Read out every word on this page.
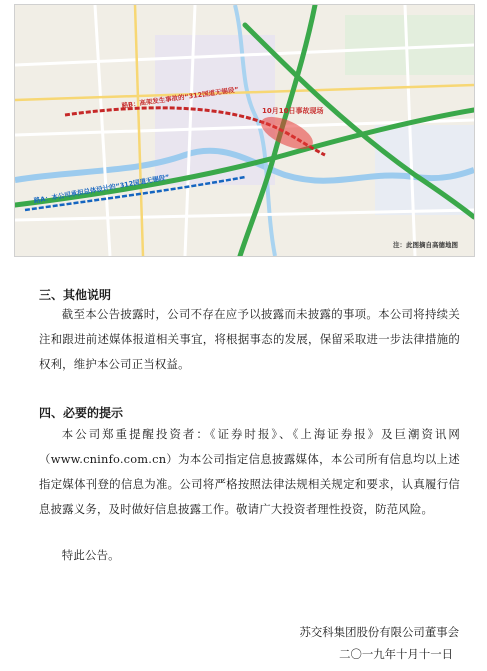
路B：高架发生事故的“312国道无锡段”
10月10日事故现场
路A：本公司承担总体设计的“312国道无锡段”
注：此图摘自高德地图
三、其他说明

截至本公告披露时，公司不存在应予以披露而未披露的事项。本公司将持续关注和跟进前述媒体报道相关事宜，将根据事态的发展，保留采取进一步法律措施的权利，维护本公司正当权益。

四、必要的提示

本公司郑重提醒投资者：《证券时报》、《上海证券报》及巨潮资讯网（www.cninfo.com.cn）为本公司指定信息披露媒体，本公司所有信息均以上述指定媒体刊登的信息为准。公司将严格按照法律法规相关规定和要求，认真履行信息披露义务，及时做好信息披露工作。敬请广大投资者理性投资，防范风险。

特此公告。

苏交科集团股份有限公司董事会

二〇一九年十月十一日
